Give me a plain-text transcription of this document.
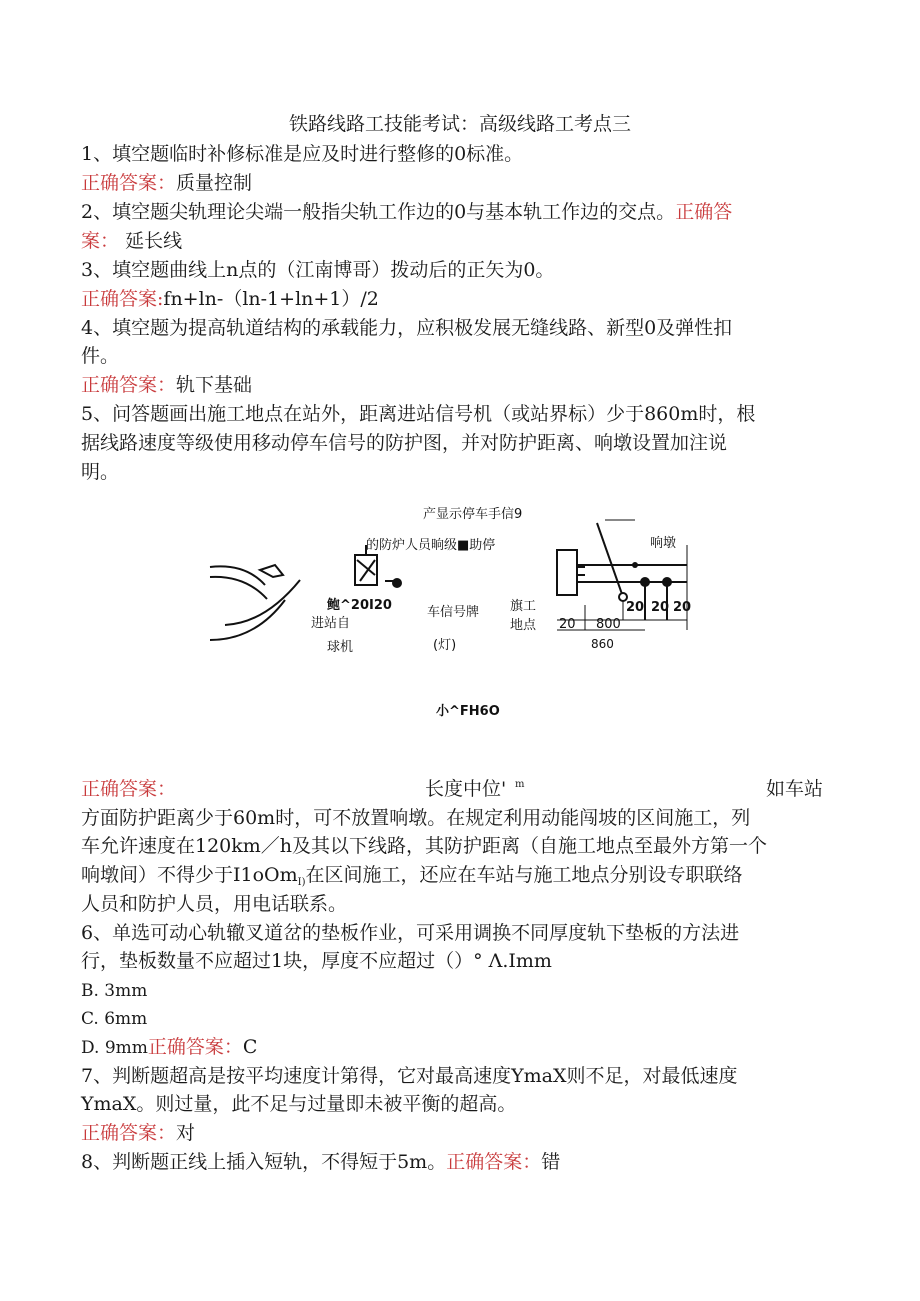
铁路线路工技能考试：高级线路工考点三
1、填空题临时补修标准是应及时进行整修的0标准。
正确答案：质量控制
2、填空题尖轨理论尖端一般指尖轨工作边的0与基本轨工作边的交点。正确答
案： 延长线
3、填空题曲线上n点的（江南博哥）拨动后的正矢为0。
正确答案:fn+ln-（ln-1+ln+1）/2
4、填空题为提高轨道结构的承载能力，应积极发展无缝线路、新型0及弹性扣
件。
正确答案：轨下基础
5、问答题画出施工地点在站外，距离进站信号机（或站界标）少于860m时，根
据线路速度等级使用移动停车信号的防护图，并对防护距离、响墩设置加注说
明。
产显示停车手信9
的防炉人员晌级■助停
鲍^20I20
进站自
球机
车信号牌
(灯)
旗工
地点
响墩
20 20 20
800
20
860
小^FH6O
正确答案：	长度中位' m	如车站
方面防护距离少于60m时，可不放置响墩。在规定利用动能闯坡的区间施工，列
车允许速度在120km／h及其以下线路，其防护距离（自施工地点至最外方第一个
响墩间）不得少于I1oOm$_{I)}$在区间施工，还应在车站与施工地点分别设专职联络
人员和防护人员，用电话联系。
6、单选可动心轨辙叉道岔的垫板作业，可采用调换不同厚度轨下垫板的方法进
行，垫板数量不应超过1块，厚度不应超过（）° Λ.Imm
B. 3mm
C. 6mm
D. 9mm正确答案：C
7、判断题超高是按平均速度计第得，它对最高速度YmaX则不足，对最低速度
YmaX。则过量，此不足与过量即未被平衡的超高。
正确答案：对
8、判断题正线上插入短轨，不得短于5m。正确答案：错
